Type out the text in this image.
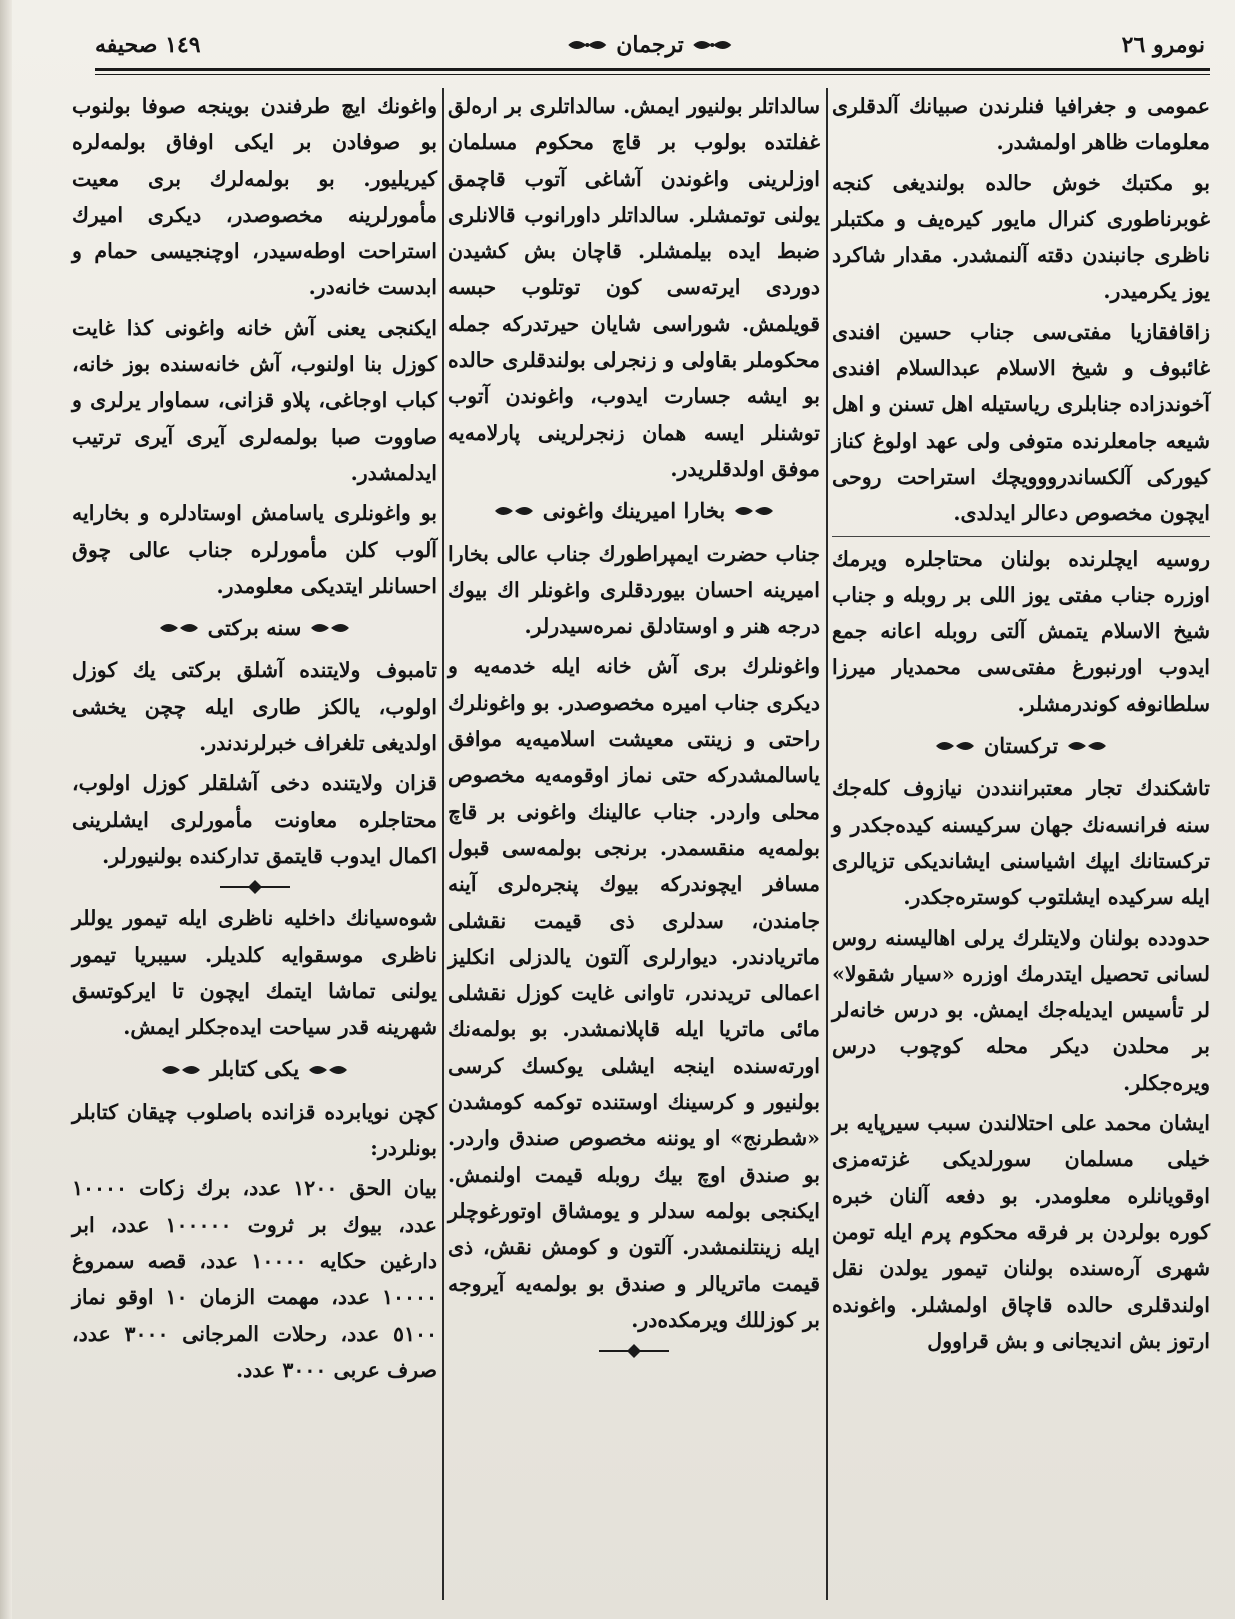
نومرو ٢٦
ترجمان
١٤٩ صحیفه

عمومی و جغرافیا فنلرندن صبیانك آلدقلری معلومات ظاهر اولمشدر.

بو مكتبك خوش حالده بولندیغی كنجه غوبرناطوری كنرال مایور كیره‌یف و مكتبلر ناظری جانبندن دقته آلنمشدر. مقدار شاكرد یوز یكرمیدر.

زاقافقازیا مفتی‌سی جناب حسین افندی غائبوف و شیخ الاسلام عبدالسلام افندی آخوندزاده جنابلری ریاستیله اهل تسنن و اهل شیعه جامعلرنده متوفی ولی عهد اولوغ كناز كیورکی آلكساندرووویچك استراحت روحی ایچون مخصوص دعالر ایدلدی.

روسیه ایچلرنده بولنان محتاجلره ویرمك اوزره جناب مفتی یوز اللی بر روبله و جناب شیخ الاسلام یتمش آلتی روبله اعانه جمع ایدوب اورنبورغ مفتی‌سی محمدیار میرزا سلطانوفه كوندرمشلر.

تركستان

تاشكندك تجار معتبراننددن نیازوف كله‌جك سنه فرانسه‌نك جهان سركیسنه كیده‌جكدر و تركستانك ایپك اشیاسنی ایشاندیكی تزیالری ایله سركیده ایشلتوب كوستره‌جكدر.

حدودده بولنان ولایتلرك یرلی اهالیسنه روس لسانی تحصیل ایتدرمك اوزره «سیار شقولا» لر تأسیس ایدیله‌جك ایمش. بو درس خانه‌لر بر محلدن دیكر محله كوچوب درس ویره‌جكلر.

ایشان محمد علی احتلالندن سبب سیرپایه بر خیلی مسلمان سورلدیكی غزته‌مزی اوقویانلره معلومدر. بو دفعه آلنان خبره كوره بولردن بر فرقه محكوم پرم ایله تومن شهری آره‌سنده بولنان تیمور یولدن نقل اولندقلری حالده قاچاق اولمشلر. واغونده ارتوز بش اندیجانی و بش قراوول

سالداتلر بولنیور ایمش. سالداتلری بر اره‌لق غفلتده بولوب بر قاچ محكوم مسلمان اوزلرینی واغوندن آشاغی آتوب قاچمق یولنی توتمشلر. سالداتلر داورانوب قالانلری ضبط ایده بیلمشلر. قاچان بش كشیدن دوردی ایرته‌سی كون توتلوب حبسه قویلمش. شوراسی شایان حیرتدركه جمله محكوملر بقاولی و زنجرلی بولندقلری حالده بو ایشه جسارت ایدوب، واغوندن آتوب توشنلر ایسه همان زنجرلرینی پارلامه‌یه موفق اولدقلریدر.

بخارا امیرینك واغونی

جناب حضرت ایمپراطورك جناب عالی بخارا امیرینه احسان بیوردقلری واغونلر اك بیوك درجه هنر و اوستادلق نمره‌سیدرلر.

واغونلرك بری آش خانه ایله خدمه‌یه و دیكری جناب امیره مخصوصدر. بو واغونلرك راحتی و زینتی معیشت اسلامیه‌یه موافق یاسالمشدركه حتی نماز اوقومه‌یه مخصوص محلی واردر. جناب عالینك واغونی بر قاچ بولمه‌یه منقسمدر. برنجی بولمه‌سی قبول مسافر ایچوندركه بیوك پنجره‌لری آینه جامندن، سدلری ذی قیمت نقشلی ماتریادندر. دیوارلری آلتون یالدزلی انكلیز اعمالی تریدندر، تاوانی غایت كوزل نقشلی مائی ماتریا ایله قاپلانمشدر. بو بولمه‌نك اورته‌سنده اینجه ایشلی یوكسك كرسی بولنیور و كرسینك اوستنده توكمه كومشدن «شطرنج» او یوننه مخصوص صندق واردر. بو صندق اوچ بیك روبله قیمت اولنمش. ایكنجی بولمه سدلر و یومشاق اوتورغوچلر ایله زینتلنمشدر. آلتون و كومش نقش، ذی قیمت ماتریالر و صندق بو بولمه‌یه آیروجه بر كوزللك ویرمكده‌در.

واغونك ایچ طرفندن بوینجه صوفا بولنوب بو صوفادن بر ایكی اوفاق بولمه‌لره كیریلیور. بو بولمه‌لرك بری معیت مأمورلرینه مخصوصدر، دیكری امیرك استراحت اوطه‌سیدر، اوچنجیسی حمام و ابدست خانه‌در.

ایكنجی یعنی آش خانه واغونی كذا غایت كوزل بنا اولنوب، آش خانه‌سنده بوز خانه، كباب اوجاغی، پلاو قزانی، سماوار یرلری و صاووت صبا بولمه‌لری آیری آیری ترتیب ایدلمشدر.

بو واغونلری یاسامش اوستادلره و بخارایه آلوب كلن مأمورلره جناب عالی چوق احسانلر ایتدیكی معلومدر.

سنه بركتی

تامبوف ولایتنده آشلق بركتی یك كوزل اولوب، یالكز طاری ایله چچن یخشی اولدیغی تلغراف خبرلرندندر.

قزان ولایتنده دخی آشلقلر كوزل اولوب، محتاجلره معاونت مأمورلری ایشلرینی اكمال ایدوب قایتمق تداركنده بولنیورلر.

شوه‌سیانك داخلیه ناظری ایله تیمور یوللر ناظری موسقوایه كلدیلر. سیبریا تیمور یولنی تماشا ایتمك ایچون تا ایركوتسق شهرینه قدر سیاحت ایده‌جكلر ایمش.

یكی كتابلر

كچن نویابرده قزانده باصلوب چیقان كتابلر بونلردر:

بیان الحق ١٢٠٠ عدد، برك زكات ١٠٠٠٠ عدد، بیوك بر ثروت ١٠٠٠٠٠ عدد، ابر دارغین حكایه ١٠٠٠٠ عدد، قصه سمروغ ١٠٠٠٠ عدد، مهمت الزمان ١٠ اوقو نماز ٥١٠٠ عدد، رحلات المرجانی ٣٠٠٠ عدد، صرف عربی ٣٠٠٠ عدد.
